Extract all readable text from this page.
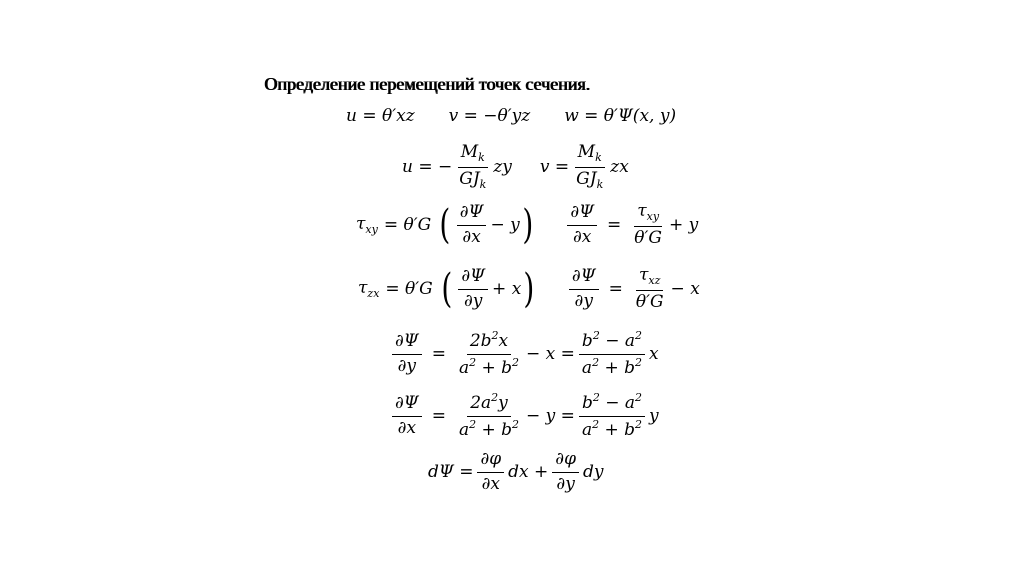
Определение перемещений точек сечения.
u = θ′xz v = −θ′yz w = θ′Ψ(x, y)
u = − $\frac{M_k}{GJ_k}$ zy $v = \frac{M_k}{GJ_k}$ zx
$\tau_{xy} = \theta'G$ ( $\frac{\partial\Psi}{\partial x} - y$ ) $\frac{\partial\Psi}{\partial x} = \frac{\tau_{xy}}{\theta'G} + y$
$\tau_{zx} = \theta'G$ ( $\frac{\partial\Psi}{\partial y} + x$ ) $\frac{\partial\Psi}{\partial y} = \frac{\tau_{xz}}{\theta'G} - x$
$\frac{\partial\Psi}{\partial y} = \frac{2b^2x}{a^2 + b^2} - x = \frac{b^2 - a^2}{a^2 + b^2}$ x
$\frac{\partial\Psi}{\partial x} = \frac{2a^2y}{a^2 + b^2} - y = \frac{b^2 - a^2}{a^2 + b^2}$ y
$d\Psi = \frac{\partial\varphi}{\partial x}$ dx + $\frac{\partial\varphi}{\partial y}$ dy
